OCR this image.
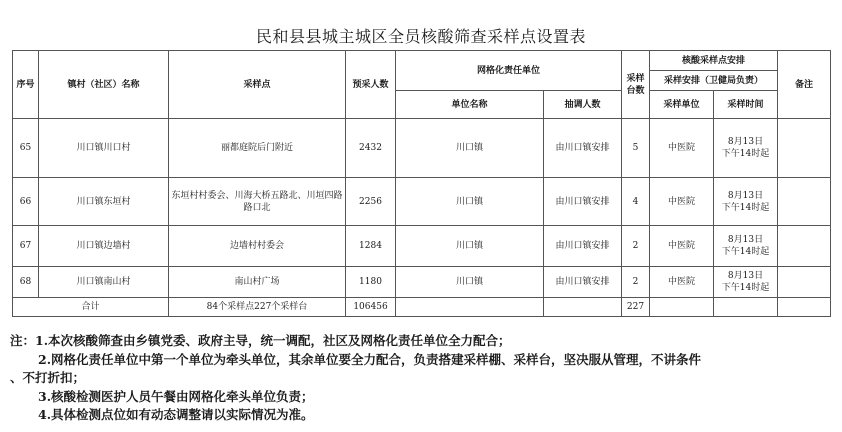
民和县县城主城区全员核酸筛查采样点设置表
序号	镇村（社区）名称	采样点	预采人数	网格化责任单位		采样台数	核酸采样点安排		备注
							采样安排（卫健局负责）		
				单位名称	抽调人数		采样单位	采样时间	
65	川口镇川口村	丽都庭院后门附近	2432	川口镇	由川口镇安排	5	中医院	8月13日
下午14时起	

66	川口镇东垣村	东垣村村委会、川海大桥五路北、川垣四路路口北	2256	川口镇	由川口镇安排	4	中医院	8月13日
下午14时起	

67	川口镇边墙村	边墙村村委会	1284	川口镇	由川口镇安排	2	中医院	8月13日
下午14时起	

68	川口镇南山村	南山村广场	1180	川口镇	由川口镇安排	2	中医院	8月13日
下午14时起	

合计		84个采样点227个采样台	106456			227			
注：1.本次核酸筛查由乡镇党委、政府主导，统一调配，社区及网格化责任单位全力配合；
2.网格化责任单位中第一个单位为牵头单位，其余单位要全力配合，负责搭建采样棚、采样台，坚决服从管理，不讲条件
、不打折扣；
3.核酸检测医护人员午餐由网格化牵头单位负责；
4.具体检测点位如有动态调整请以实际情况为准。
